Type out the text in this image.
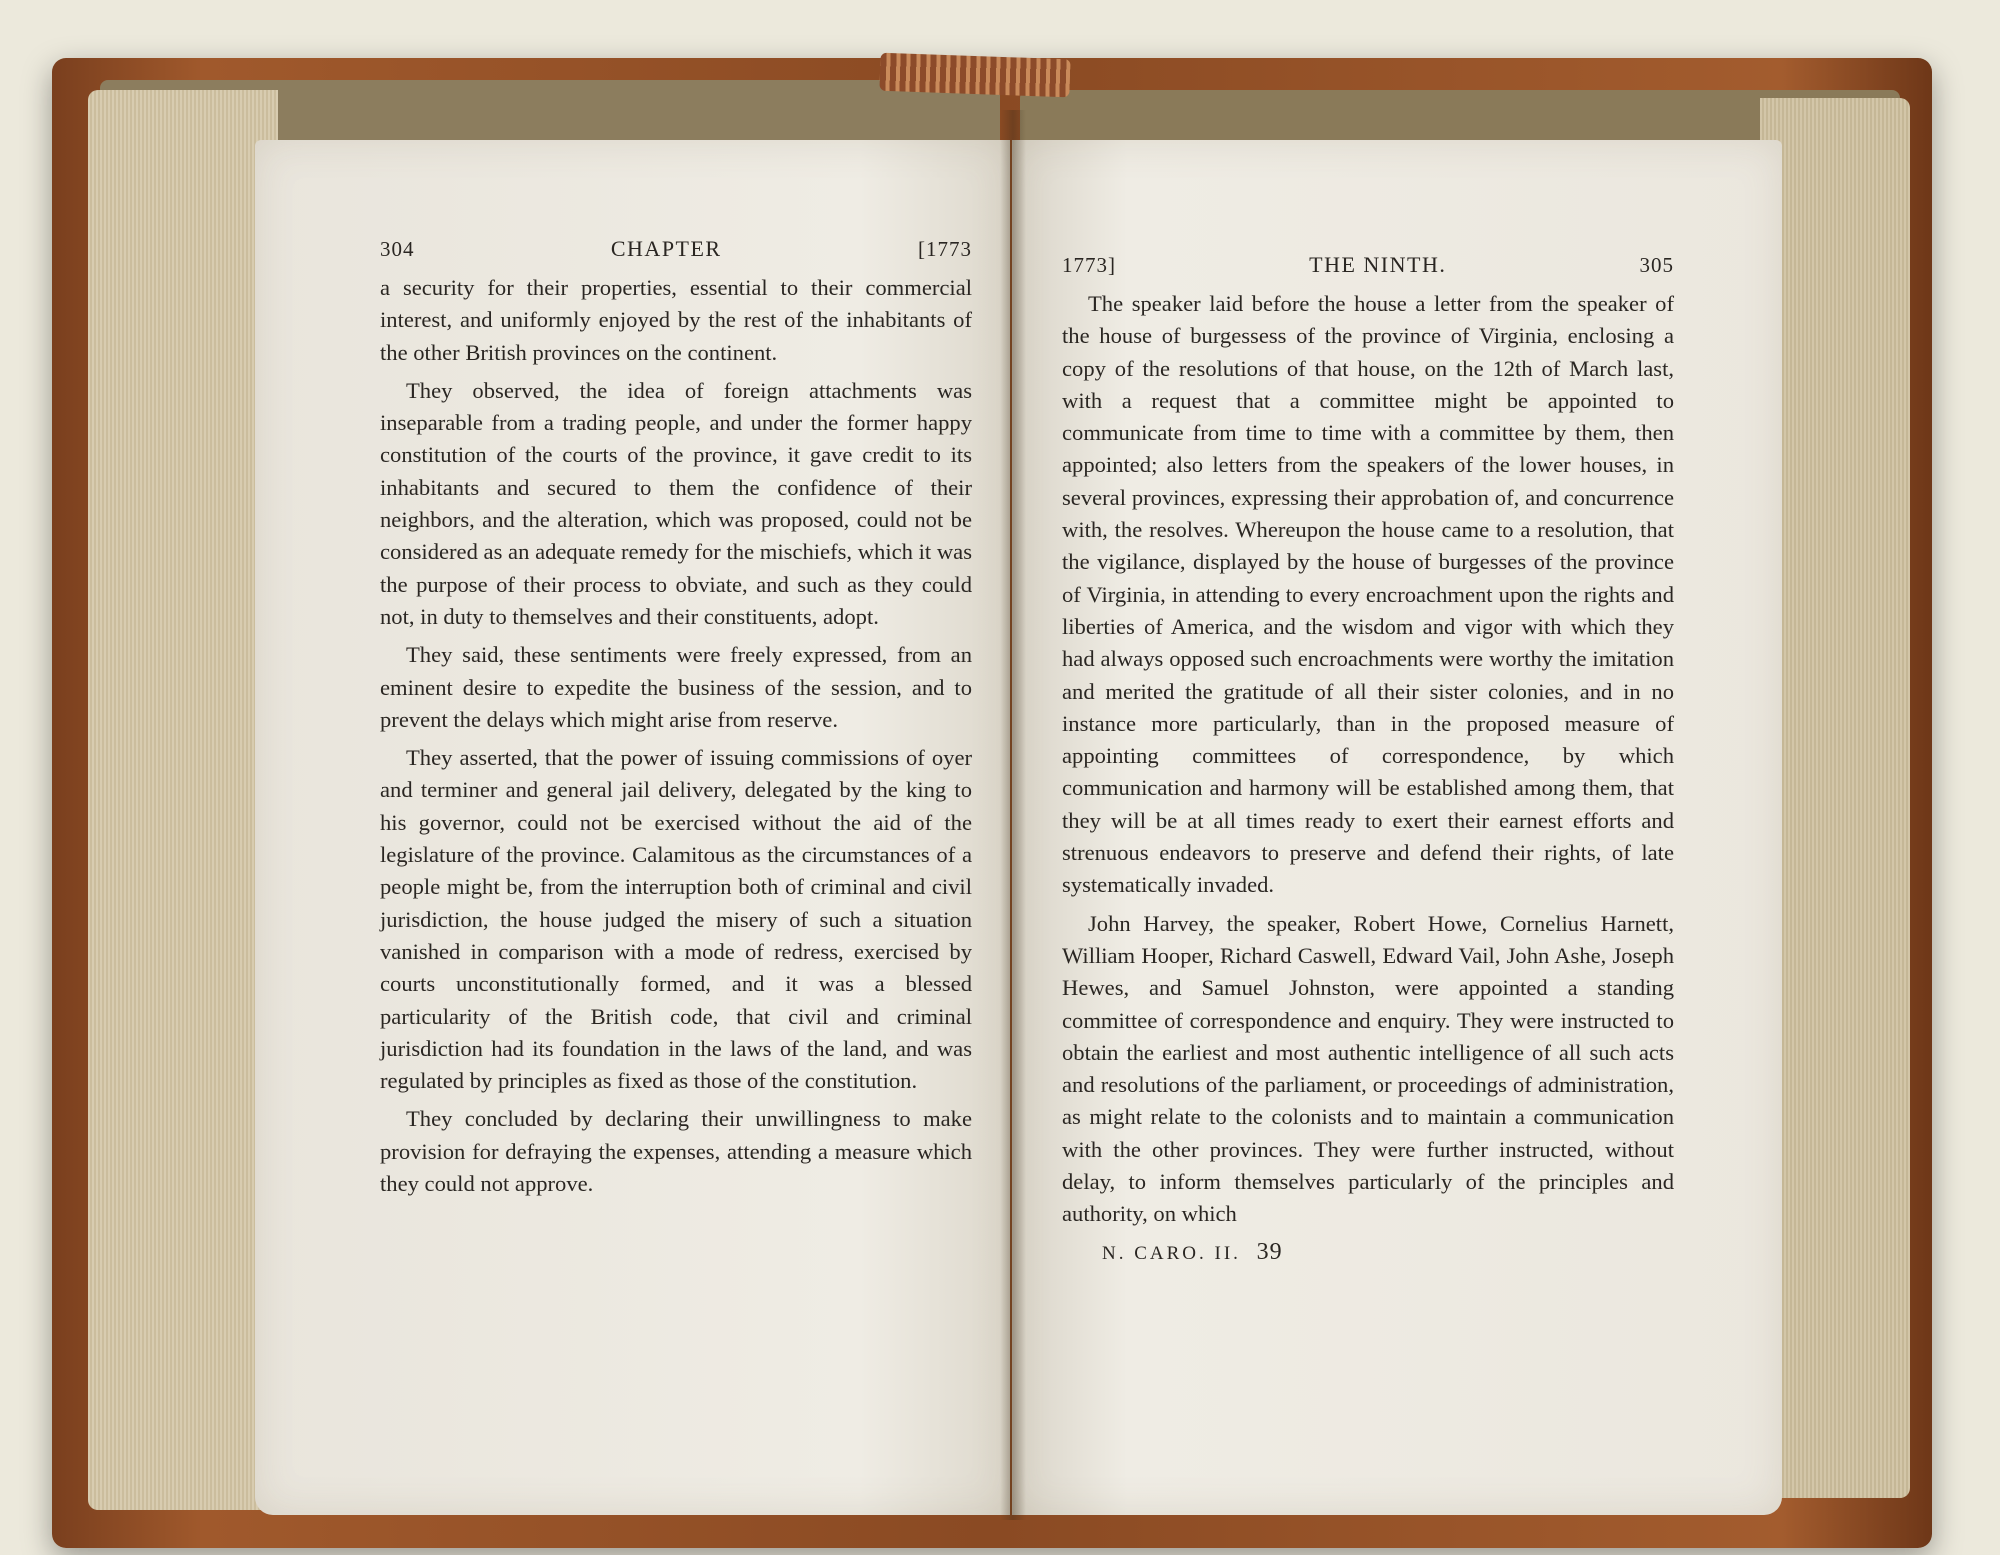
304	CHAPTER	[1773

a security for their properties, essential to their commercial interest, and uniformly enjoyed by the rest of the inhabitants of the other British provinces on the continent.

They observed, the idea of foreign attachments was inseparable from a trading people, and under the former happy constitution of the courts of the province, it gave credit to its inhabitants and secured to them the confidence of their neighbors, and the alteration, which was proposed, could not be considered as an adequate remedy for the mischiefs, which it was the purpose of their process to obviate, and such as they could not, in duty to themselves and their constituents, adopt.

They said, these sentiments were freely expressed, from an eminent desire to expedite the business of the session, and to prevent the delays which might arise from reserve.

They asserted, that the power of issuing commissions of oyer and terminer and general jail delivery, delegated by the king to his governor, could not be exercised without the aid of the legislature of the province. Calamitous as the circumstances of a people might be, from the interruption both of criminal and civil jurisdiction, the house judged the misery of such a situation vanished in comparison with a mode of redress, exercised by courts unconstitutionally formed, and it was a blessed particularity of the British code, that civil and criminal jurisdiction had its foundation in the laws of the land, and was regulated by principles as fixed as those of the constitution.

They concluded by declaring their unwillingness to make provision for defraying the expenses, attending a measure which they could not approve.

1773]	THE NINTH.	305

The speaker laid before the house a letter from the speaker of the house of burgessess of the province of Virginia, enclosing a copy of the resolutions of that house, on the 12th of March last, with a request that a committee might be appointed to communicate from time to time with a committee by them, then appointed; also letters from the speakers of the lower houses, in several provinces, expressing their approbation of, and concurrence with, the resolves. Whereupon the house came to a resolution, that the vigilance, displayed by the house of burgesses of the province of Virginia, in attending to every encroachment upon the rights and liberties of America, and the wisdom and vigor with which they had always opposed such encroachments were worthy the imitation and merited the gratitude of all their sister colonies, and in no instance more particularly, than in the proposed measure of appointing committees of correspondence, by which communication and harmony will be established among them, that they will be at all times ready to exert their earnest efforts and strenuous endeavors to preserve and defend their rights, of late systematically invaded.

John Harvey, the speaker, Robert Howe, Cornelius Harnett, William Hooper, Richard Caswell, Edward Vail, John Ashe, Joseph Hewes, and Samuel Johnston, were appointed a standing committee of correspondence and enquiry. They were instructed to obtain the earliest and most authentic intelligence of all such acts and resolutions of the parliament, or proceedings of administration, as might relate to the colonists and to maintain a communication with the other provinces. They were further instructed, without delay, to inform themselves particularly of the principles and authority, on which

N. CARO. II. 39
